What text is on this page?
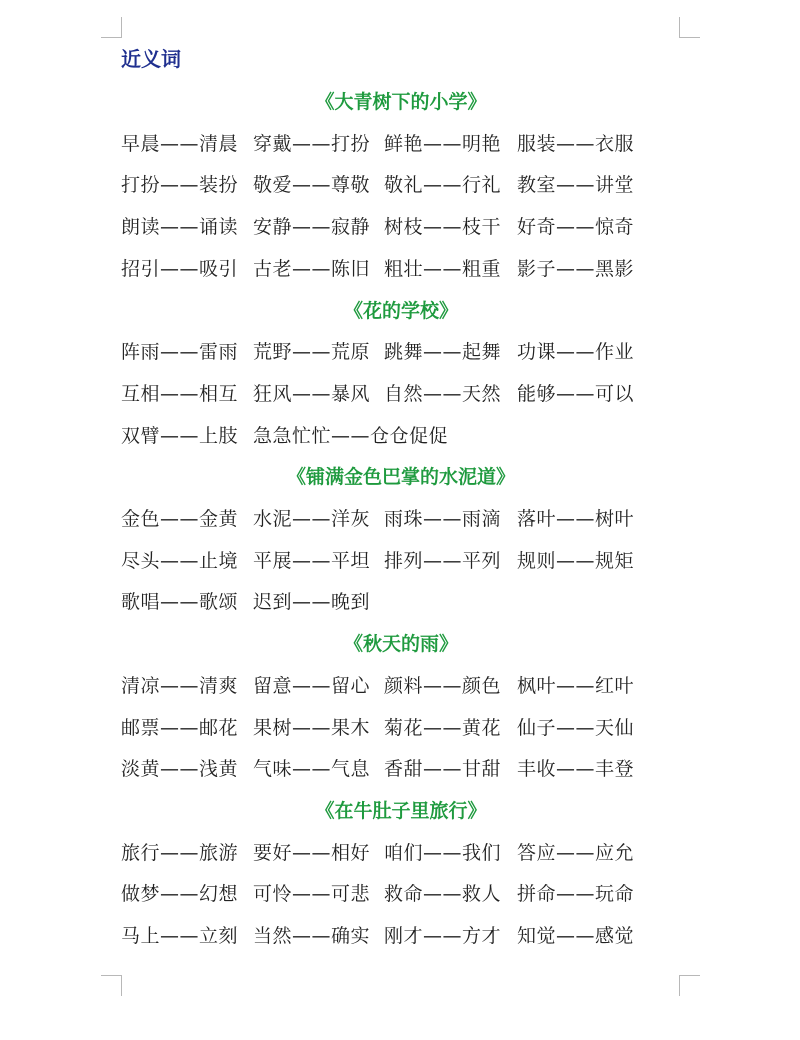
近义词
《大青树下的小学》
早晨——清晨 穿戴——打扮 鲜艳——明艳 服装——衣服
打扮——装扮 敬爱——尊敬 敬礼——行礼 教室——讲堂
朗读——诵读 安静——寂静 树枝——枝干 好奇——惊奇
招引——吸引 古老——陈旧 粗壮——粗重 影子——黑影
《花的学校》
阵雨——雷雨 荒野——荒原 跳舞——起舞 功课——作业
互相——相互 狂风——暴风 自然——天然 能够——可以
双臂——上肢 急急忙忙——仓仓促促
《铺满金色巴掌的水泥道》
金色——金黄 水泥——洋灰 雨珠——雨滴 落叶——树叶
尽头——止境 平展——平坦 排列——平列 规则——规矩
歌唱——歌颂 迟到——晚到
《秋天的雨》
清凉——清爽 留意——留心 颜料——颜色 枫叶——红叶
邮票——邮花 果树——果木 菊花——黄花 仙子——天仙
淡黄——浅黄 气味——气息 香甜——甘甜 丰收——丰登
《在牛肚子里旅行》
旅行——旅游 要好——相好 咱们——我们 答应——应允
做梦——幻想 可怜——可悲 救命——救人 拼命——玩命
马上——立刻 当然——确实 刚才——方才 知觉——感觉
